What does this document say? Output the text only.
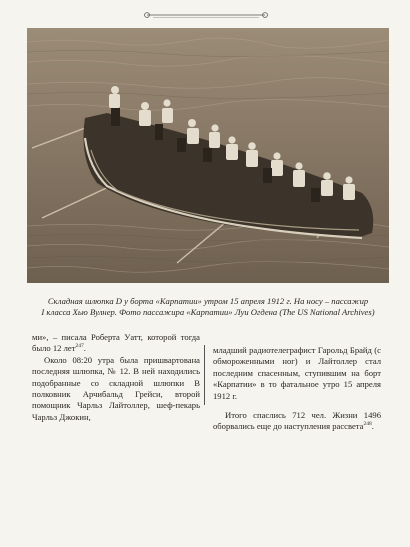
Складная шлюпка D у борта «Карпатии» утром 15 апреля 1912 г. На носу – пассажир
I класса Хью Вулнер. Фото пассажира «Карпатии» Луи Огдена (The US National Archives)

ми», – писала Роберта Уатт, которой тогда было 12 лет$^{247}$.

Около 08:20 утра была пришвартована последняя шлюпка, № 12. В ней находились подобранные со складной шлюпки В полковник Арчибальд Грейси, второй помощник Чарльз Лайтоллер, шеф-пекарь Чарльз Джокин,

младший радиотелеграфист Гарольд Брайд (с обмороженными ног) и Лайтоллер стал последним спасенным, ступившим на борт «Карпатии» в то фатальное утро 15 апреля 1912 г.

Итого спаслись 712 чел. Жизни 1496 оборвались еще до наступления рассвета$^{248}$.
